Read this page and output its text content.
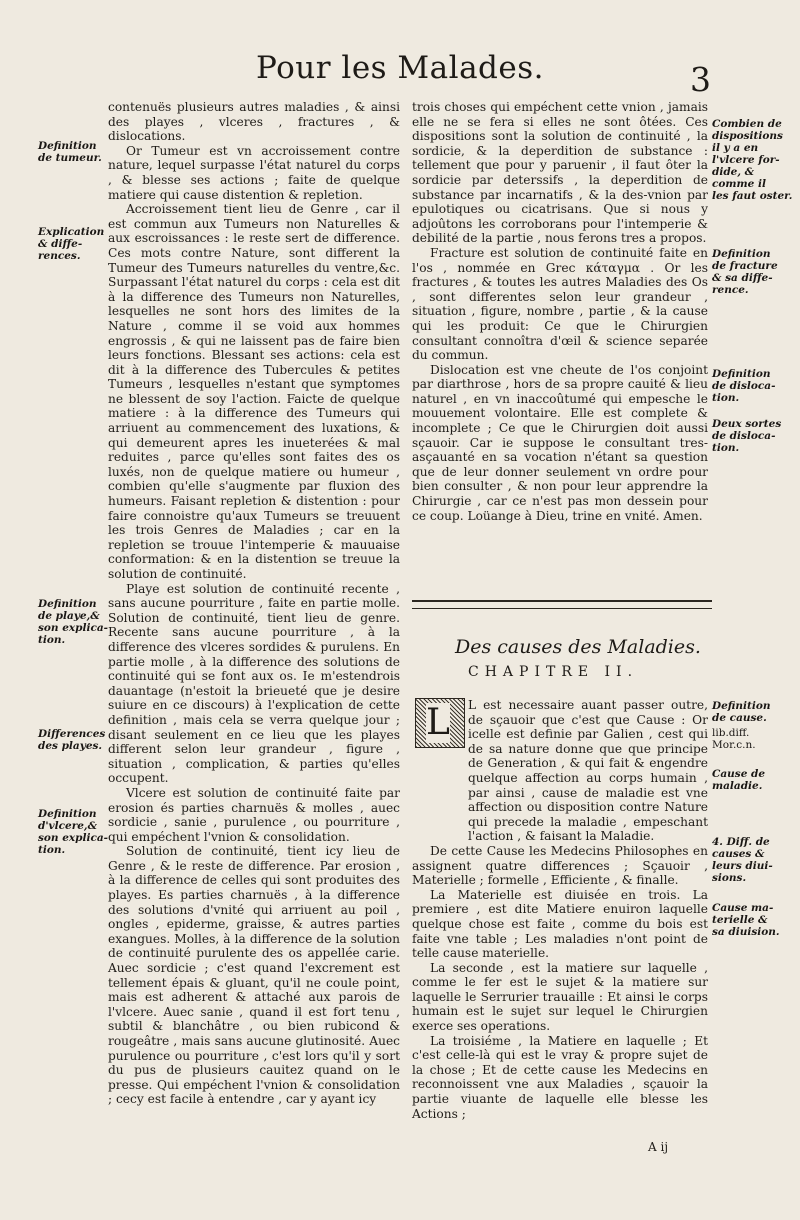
Pour les Malades.	3
Definition
de tumeur.
Explication
& diffe-
rences.
Definition
de playe,&
son explica-
tion.
Differences
des playes.
Definition
d'vlcere,&
son explica-
tion.
Combien de
dispositions
il y a en
l'vlcere for-
dide, &
comme il
les faut oster.
Definition
de fracture
& sa diffe-
rence.
Definition
de disloca-
tion.
Deux sortes
de disloca-
tion.
Definition
de cause.
lib.diff.
Mor.c.n.
Cause de
maladie.
4. Diff. de
causes &
leurs diui-
sions.
Cause ma-
terielle &
sa diuision.

contenuës plusieurs autres maladies , & ainsi des playes , vlceres , fractures , & dislocations.

Or Tumeur est vn accroissement contre nature, lequel surpasse l'état naturel du corps , & blesse ses actions ; faite de quelque matiere qui cause distention & repletion.

Accroissement tient lieu de Genre , car il est commun aux Tumeurs non Naturelles & aux escroissances : le reste sert de difference. Ces mots contre Nature, sont different la Tumeur des Tumeurs naturelles du ventre,&c. Surpassant l'état naturel du corps : cela est dit à la difference des Tumeurs non Naturelles, lesquelles ne sont hors des limites de la Nature , comme il se void aux hommes engrossis , & qui ne laissent pas de faire bien leurs fonctions. Blessant ses actions: cela est dit à la difference des Tubercules & petites Tumeurs , lesquelles n'estant que symptomes ne blessent de soy l'action. Faicte de quelque matiere : à la difference des Tumeurs qui arriuent au commencement des luxations, & qui demeurent apres les inueterées & mal reduites , parce qu'elles sont faites des os luxés, non de quelque matiere ou humeur , combien qu'elle s'augmente par fluxion des humeurs. Faisant repletion & distention : pour faire connoistre qu'aux Tumeurs se treuuent les trois Genres de Maladies ; car en la repletion se trouue l'intemperie & mauuaise conformation: & en la distention se treuue la solution de continuité.

Playe est solution de continuité recente , sans aucune pourriture , faite en partie molle. Solution de continuité, tient lieu de genre. Recente sans aucune pourriture , à la difference des vlceres sordides & purulens. En partie molle , à la difference des solutions de continuité qui se font aux os. Ie m'estendrois dauantage (n'estoit la brieueté que je desire suiure en ce discours) à l'explication de cette definition , mais cela se verra quelque jour ; disant seulement en ce lieu que les playes different selon leur grandeur , figure , situation , complication, & parties qu'elles occupent.

Vlcere est solution de continuité faite par erosion és parties charnuës & molles , auec sordicie , sanie , purulence , ou pourriture , qui empéchent l'vnion & consolidation.

Solution de continuité, tient icy lieu de Genre , & le reste de difference. Par erosion , à la difference de celles qui sont produites des playes. Es parties charnuës , à la difference des solutions d'vnité qui arriuent au poil , ongles , epiderme, graisse, & autres parties exangues. Molles, à la difference de la solution de continuité purulente des os appellée carie. Auec sordicie ; c'est quand l'excrement est tellement épais & gluant, qu'il ne coule point, mais est adherent & attaché aux parois de l'vlcere. Auec sanie , quand il est fort tenu , subtil & blanchâtre , ou bien rubicond & rougeâtre , mais sans aucune glutinosité. Auec purulence ou pourriture , c'est lors qu'il y sort du pus de plusieurs cauitez quand on le presse. Qui empéchent l'vnion & consolidation ; cecy est facile à entendre , car y ayant icy

trois choses qui empéchent cette vnion , jamais elle ne se fera si elles ne sont ôtées. Ces dispositions sont la solution de continuité , la sordicie, & la deperdition de substance : tellement que pour y paruenir , il faut ôter la sordicie par deterssifs , la deperdition de substance par incarnatifs , & la des-vnion par epulotiques ou cicatrisans. Que si nous y adjoûtons les corroborans pour l'intemperie & debilité de la partie , nous ferons tres a propos.

Fracture est solution de continuité faite en l'os , nommée en Grec κάταγμα . Or les fractures , & toutes les autres Maladies des Os , sont differentes selon leur grandeur , situation , figure, nombre , partie , & la cause qui les produit: Ce que le Chirurgien consultant connoîtra d'œil & science separée du commun.

Dislocation est vne cheute de l'os conjoint par diarthrose , hors de sa propre cauité & lieu naturel , en vn inaccoûtumé qui empesche le mouuement volontaire. Elle est complete & incomplete ; Ce que le Chirurgien doit aussi sçauoir. Car ie suppose le consultant tres-asçauanté en sa vocation n'étant sa question que de leur donner seulement vn ordre pour bien consulter , & non pour leur apprendre la Chirurgie , car ce n'est pas mon dessein pour ce coup. Loüange à Dieu, trine en vnité. Amen.

Des causes des Maladies.
CHAPITRE II.
L L est necessaire auant passer outre, de sçauoir que c'est que Cause : Or icelle est definie par Galien , cest qui de sa nature donne que que principe de Generation , & qui fait & engendre quelque affection au corps humain , par ainsi , cause de maladie est vne affection ou disposition contre Nature qui precede la maladie , empeschant l'action , & faisant la Maladie.

De cette Cause les Medecins Philosophes en assignent quatre differences ; Sçauoir , Materielle ; formelle , Efficiente , & finalle.

La Materielle est diuisée en trois. La premiere , est dite Matiere enuiron laquelle quelque chose est faite , comme du bois est faite vne table ; Les maladies n'ont point de telle cause materielle.

La seconde , est la matiere sur laquelle , comme le fer est le sujet & la matiere sur laquelle le Serrurier trauaille : Et ainsi le corps humain est le sujet sur lequel le Chirurgien exerce ses operations.

La troisiéme , la Matiere en laquelle ; Et c'est celle-là qui est le vray & propre sujet de la chose ; Et de cette cause les Medecins en reconnoissent vne aux Maladies , sçauoir la partie viuante de laquelle elle blesse les Actions ;

A ij
